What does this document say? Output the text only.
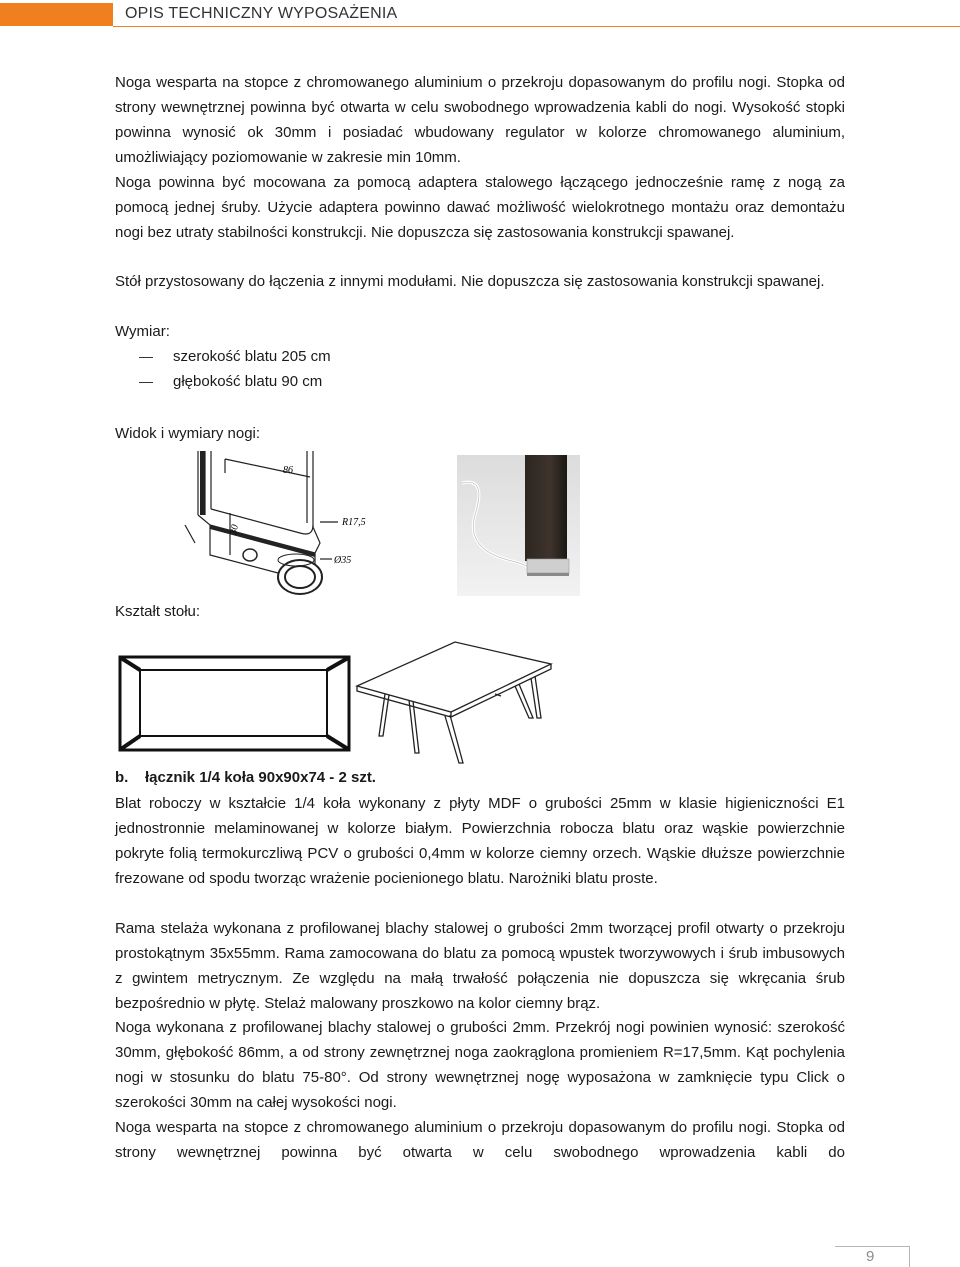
OPIS TECHNICZNY WYPOSAŻENIA

Noga wesparta na stopce z chromowanego aluminium o przekroju dopasowanym do profilu nogi. Stopka od strony wewnętrznej powinna być otwarta w celu swobodnego wprowadzenia kabli do nogi. Wysokość stopki powinna wynosić ok 30mm i posiadać wbudowany regulator w kolorze chromowanego aluminium, umożliwiający poziomowanie w zakresie min 10mm.

Noga powinna być mocowana za pomocą adaptera stalowego łączącego jednocześnie ramę z nogą za pomocą jednej śruby. Użycie adaptera powinno dawać możliwość wielokrotnego montażu oraz demontażu nogi bez utraty stabilności konstrukcji. Nie dopuszcza się zastosowania konstrukcji spawanej.

Stół przystosowany do łączenia z innymi modułami. Nie dopuszcza się zastosowania konstrukcji spawanej.

Wymiar:
szerokość blatu 205 cm
głębokość blatu 90 cm
Widok i wymiary nogi:
86
30
R17,5
Ø35
Kształt stołu:
b. łącznik 1/4 koła 90x90x74 - 2 szt.

Blat roboczy w kształcie 1/4 koła wykonany z płyty MDF o grubości 25mm w klasie higieniczności E1 jednostronnie melaminowanej w kolorze białym. Powierzchnia robocza blatu oraz wąskie powierzchnie pokryte folią termokurczliwą PCV o grubości 0,4mm w kolorze ciemny orzech. Wąskie dłuższe powierzchnie frezowane od spodu tworząc wrażenie pocienionego blatu. Narożniki blatu proste.

Rama stelaża wykonana z profilowanej blachy stalowej o grubości 2mm tworzącej profil otwarty o przekroju prostokątnym 35x55mm. Rama zamocowana do blatu za pomocą wpustek tworzywowych i śrub imbusowych z gwintem metrycznym. Ze względu na małą trwałość połączenia nie dopuszcza się wkręcania śrub bezpośrednio w płytę. Stelaż malowany proszkowo na kolor ciemny brąz.

Noga wykonana z profilowanej blachy stalowej o grubości 2mm. Przekrój nogi powinien wynosić: szerokość 30mm, głębokość 86mm, a od strony zewnętrznej noga zaokrąglona promieniem R=17,5mm. Kąt pochylenia nogi w stosunku do blatu 75-80°. Od strony wewnętrznej nogę wyposażona w zamknięcie typu Click o szerokości 30mm na całej wysokości nogi.

Noga wesparta na stopce z chromowanego aluminium o przekroju dopasowanym do profilu nogi. Stopka od strony wewnętrznej powinna być otwarta w celu swobodnego wprowadzenia kabli do

9
